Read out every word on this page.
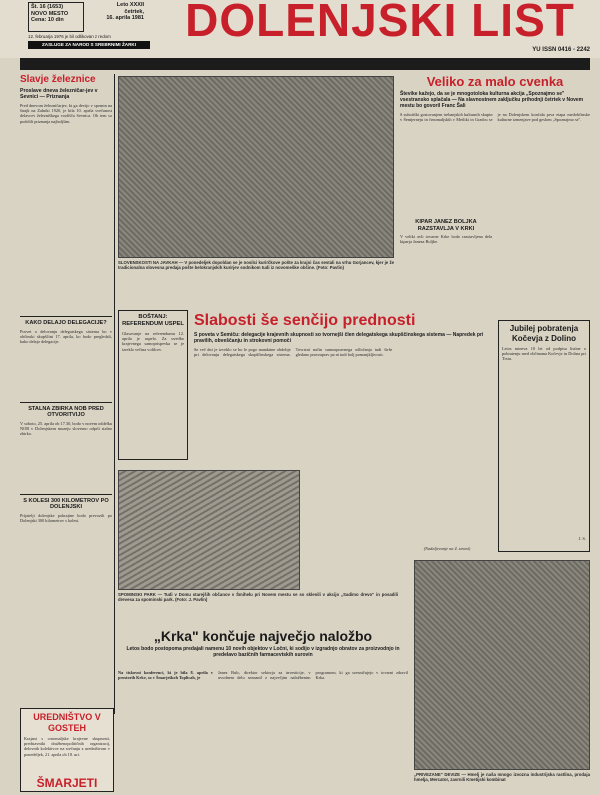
Št. 16 (1653)
NOVO MESTO
Cena: 10 din
Leto XXXII
četrtek,
16. aprila 1981
12. februarja 1976 je bil odlikovan z redom
ZASLUGE ZA NAROD S SREBRNIMI ŽARKI	DOLENJSKI LIST
YU ISSN 0416 - 2242
Slavje železnice
Proslave dneva železničar-jev v Sevnici — Priznanja
Pred dnevom železničarjev, ki ga devijo v spomin na štrajk na Zalniki 1920, je bila 10. aprila svečanost delavcev železniškega vozlišča Sevnica. Ob tem so podelili priznanja najboljšim.
KAKO DELAJO DELEGACIJE?
Posvet o delovanju delegatskega sistema bo v občinski skupščini 17. aprila, ko bodo pregledali, kako delajo delegacije.
STALNA ZBIRKA NOB PRED OTVORITVIJO
V soboto, 25. aprila ob 17.30, bodo v novem oddelku NOB v Dolenjskem muzeju slovesno odprli stalno zbirko.
S KOLESI 300 KILOMETROV PO DOLENJSKI
Prijatelji dolenjske pokrajine bodo prevozili po Dolenjski 300 kilometrov s kolesi.
SLOVENSKOSTI NA JAVKAH — V ponedeljek dopoldan se je nosilci kurirčkove pošte za krajni čas sestali na vrhu Gorjancev, kjer je že tradicionalna slovesna predaja pošte belokranjskih kurirjev sodnikom tudi iz novomeške občine. (Foto: Pavlin)
Veliko za malo cvenka
Števike kažejo, da se je mnogotoloka kulturna akcija „Spoznajmo se" vsestransko splačala — Na slavnostnem zaključku prihodnji četrtek v Novem mestu bo govoril Franc Šali
S subotiški gostovanjem trebanjskih kulturnih skupin v Šentjerneju in črnomaljskih v Metliki in Gradcu se je na Dolenjskem končala prva etapa medobčinske kulturne izmenjave pod geslom „Spoznajmo se".
KIPAR JANEZ BOLJKA RAZSTAVLJA V KRKI
V veliki avli tovarne Krke bodo razstavljena dela kiparja Janeza Boljke.
BOŠTANJ: REFERENDUM USPEL
Glasovanje na referendumu 12. aprila je uspelo. Za uvedbo krajevnega samoprispevka se je izreklo večina volilcev.
Slabosti še senčijo prednosti
S poveta v Semiču: delegacije krajevnih skupnosti so tvornejši člen delegatskega skupščinskega sistema — Napredek pri pravilih, obveščanju in strokovni pomoči
Se več dni je izveklo se bo le pogo mandatne obdobje pri delovanju delegatskega skupščinskega sistema. Tovrstni način samoupravnega odločanja tudi širše gledano pravzaprav pa ni tudi bolj pomanjkljivosti.
(Nadaljevanje na 4. strani)
Jubilej pobratenja Kočevja z Dolino
Letos mineva 10 let od podpisa listine o pobratenju med občinama Kočevje in Dolina pri Trstu.
J. S.
SPOMINSKI PARK — Tudi v Domu starejših občanov v Šmihelu pri Novem mestu se so sklenili v akcijo „Sadimo drevo" in posadili drevesa za spominski park. (Foto: J. Pavlin)
„Krka" končuje največjo naložbo
Letos bodo postopoma predajali namenu 10 novih objektov v Ločni, ki sodijo v izgradnjo obratov za proizvodnjo in predelavo bazičnih farmacevtskih surovin
Na tiskovni konferenci, ki je bila 8. aprila v prostorih Krke, so v Šmarješkoh Toplicah, je
Janez Bulc, direktor sektorja za investicije, v uvodnem delu seznanil z največjim naložbenim programom, ki ga uresničujejo v tovarni zdravil Krka.
UREDNIŠTVO V GOSTEH
Krajani s crnomaljske krajevne skupnosti, predstavniki družbenopolitičnih organizacij, delovnih kolektivov na srečanju z uredništvom v ponedeljek, 21. aprila ob 18. uri.
ŠMARJETI
„PRIVEZANE" DEVIZE — Hmelj je naša mnogo izvozna industrijska rastlina, prodaja hmelja, Mercator, zavrnili Kmetijski kombinat
